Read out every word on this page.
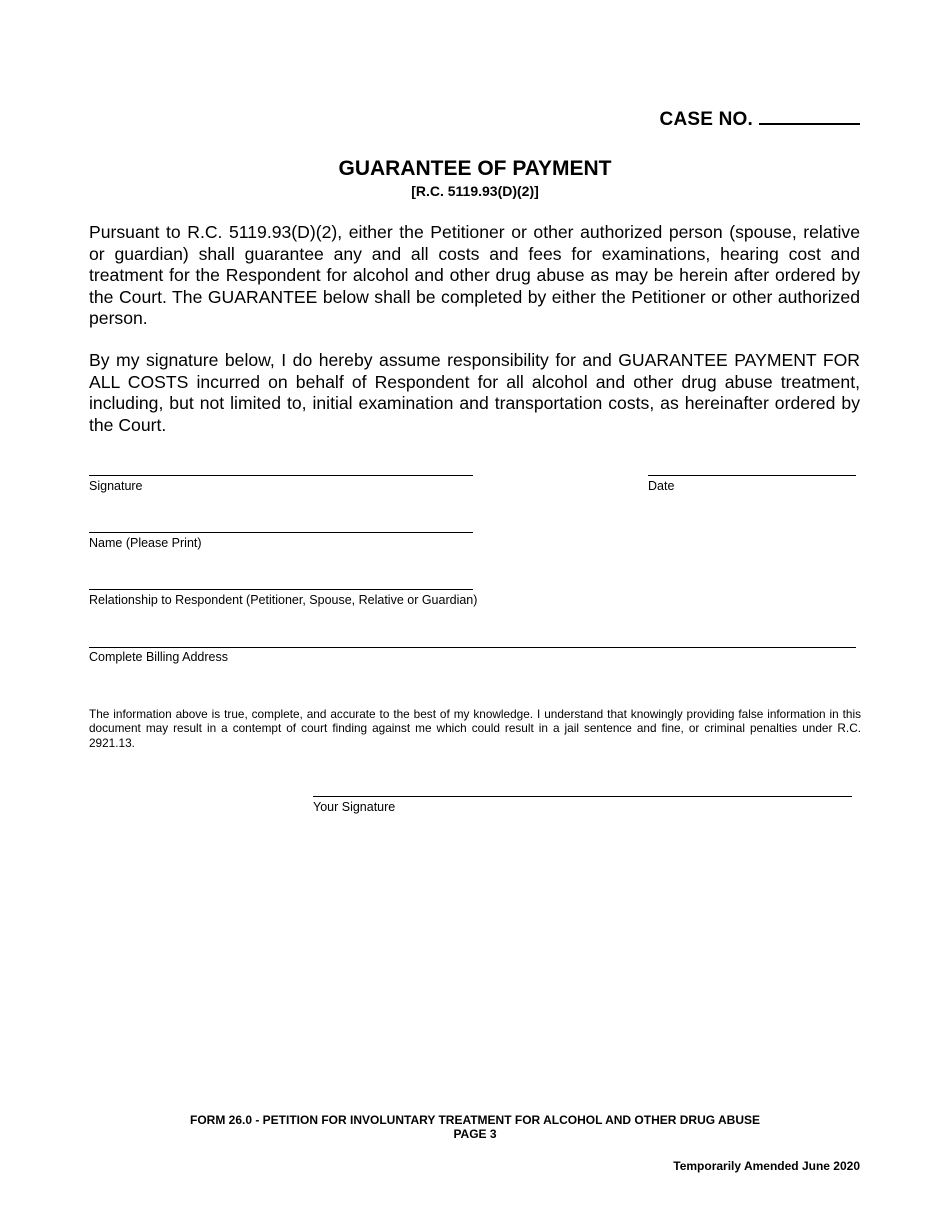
CASE NO.
GUARANTEE OF PAYMENT
[R.C. 5119.93(D)(2)]
Pursuant to R.C. 5119.93(D)(2), either the Petitioner or other authorized person (spouse, relative or guardian) shall guarantee any and all costs and fees for examinations, hearing cost and treatment for the Respondent for alcohol and other drug abuse as may be herein after ordered by the Court. The GUARANTEE below shall be completed by either the Petitioner or other authorized person.
By my signature below, I do hereby assume responsibility for and GUARANTEE PAYMENT FOR ALL COSTS incurred on behalf of Respondent for all alcohol and other drug abuse treatment, including, but not limited to, initial examination and transportation costs, as hereinafter ordered by the Court.
Signature	Date
Name (Please Print)
Relationship to Respondent (Petitioner, Spouse, Relative or Guardian)
Complete Billing Address
The information above is true, complete, and accurate to the best of my knowledge. I understand that knowingly providing false information in this document may result in a contempt of court finding against me which could result in a jail sentence and fine, or criminal penalties under R.C. 2921.13.
Your Signature
FORM 26.0 - PETITION FOR INVOLUNTARY TREATMENT FOR ALCOHOL AND OTHER DRUG ABUSE
PAGE 3
Temporarily Amended June 2020
